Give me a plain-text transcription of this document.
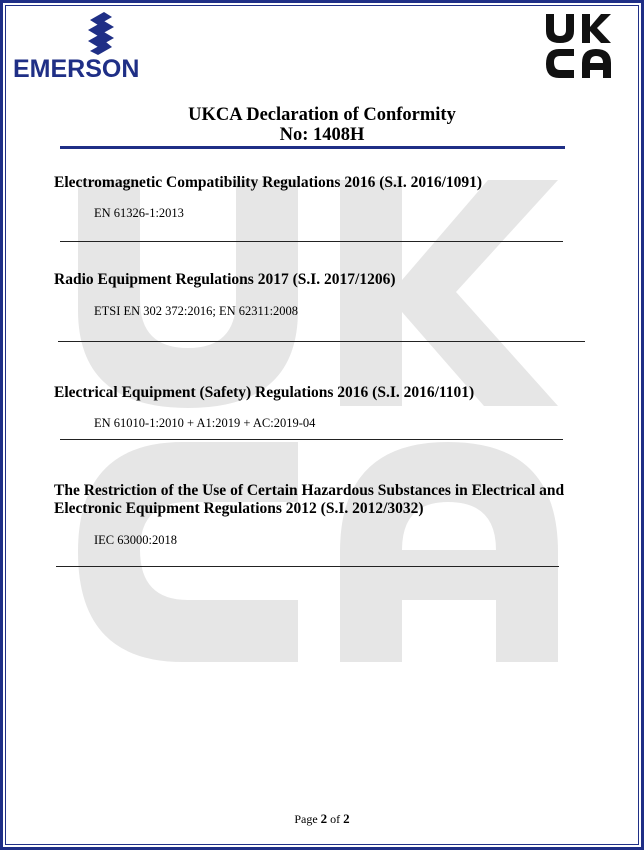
EMERSON
UKCA Declaration of Conformity
No: 1408H
Electromagnetic Compatibility Regulations 2016 (S.I. 2016/1091)
EN 61326-1:2013
Radio Equipment Regulations 2017 (S.I. 2017/1206)
ETSI EN 302 372:2016; EN 62311:2008
Electrical Equipment (Safety) Regulations 2016 (S.I. 2016/1101)
EN 61010-1:2010 + A1:2019 + AC:2019-04
The Restriction of the Use of Certain Hazardous Substances in Electrical and
Electronic Equipment Regulations 2012 (S.I. 2012/3032)
IEC 63000:2018
Page 2 of 2
